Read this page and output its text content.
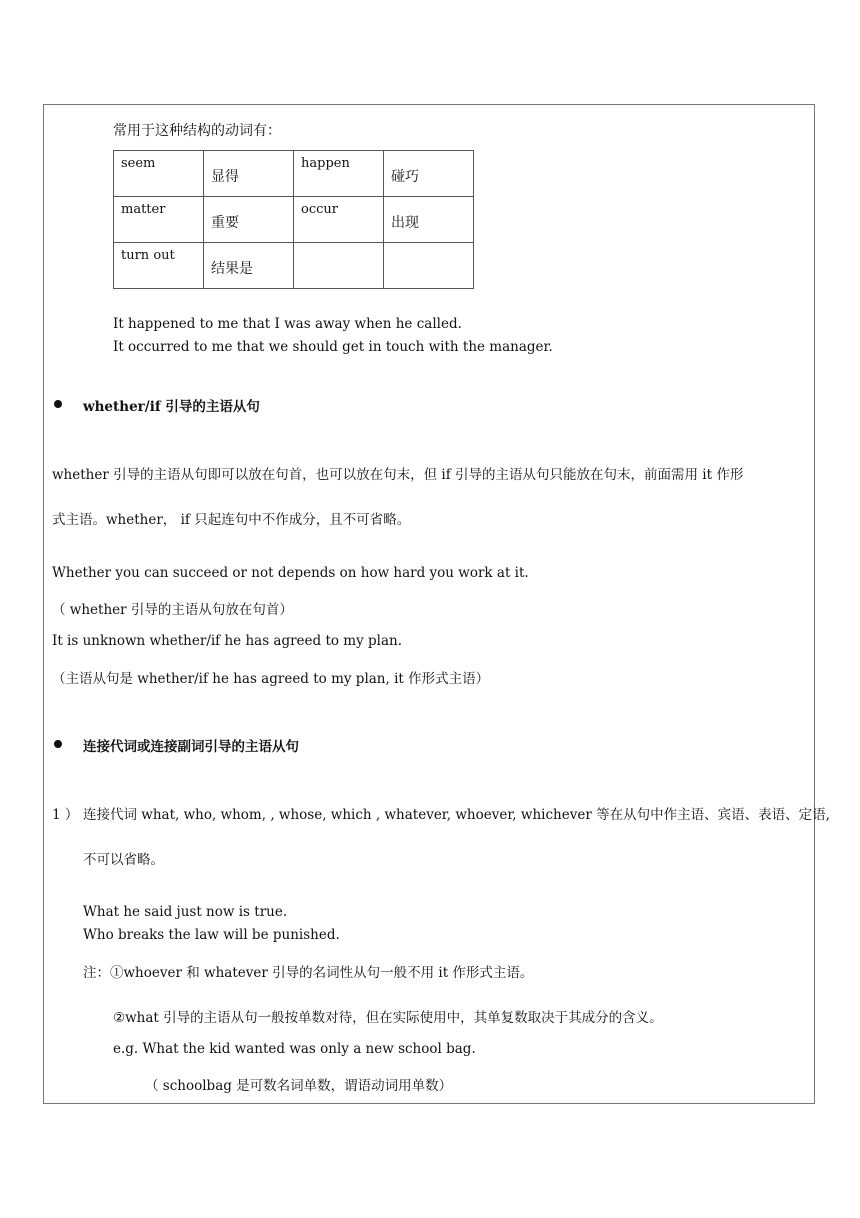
常用于这种结构的动词有：
seem	显得	happen	碰巧

matter	重要	occur	出现

turn out	结果是		

It happened to me that I was away when he called.
It occurred to me that we should get in touch with the manager.
whether/if 引导的主语从句
whether 引导的主语从句即可以放在句首，也可以放在句末，但 if 引导的主语从句只能放在句末，前面需用 it 作形
式主语。whether， if 只起连句中不作成分，且不可省略。
Whether you can succeed or not depends on how hard you work at it.
（ whether 引导的主语从句放在句首）
It is unknown whether/if he has agreed to my plan.
（主语从句是 whether/if he has agreed to my plan, it 作形式主语）
连接代词或连接副词引导的主语从句
1 ） 连接代词 what, who, whom, , whose, which , whatever, whoever, whichever 等在从句中作主语、宾语、表语、定语,
不可以省略。
What he said just now is true.
Who breaks the law will be punished.
注：①whoever 和 whatever 引导的名词性从句一般不用 it 作形式主语。
②what 引导的主语从句一般按单数对待，但在实际使用中，其单复数取决于其成分的含义。
e.g. What the kid wanted was only a new school bag.
（ schoolbag 是可数名词单数，谓语动词用单数）
